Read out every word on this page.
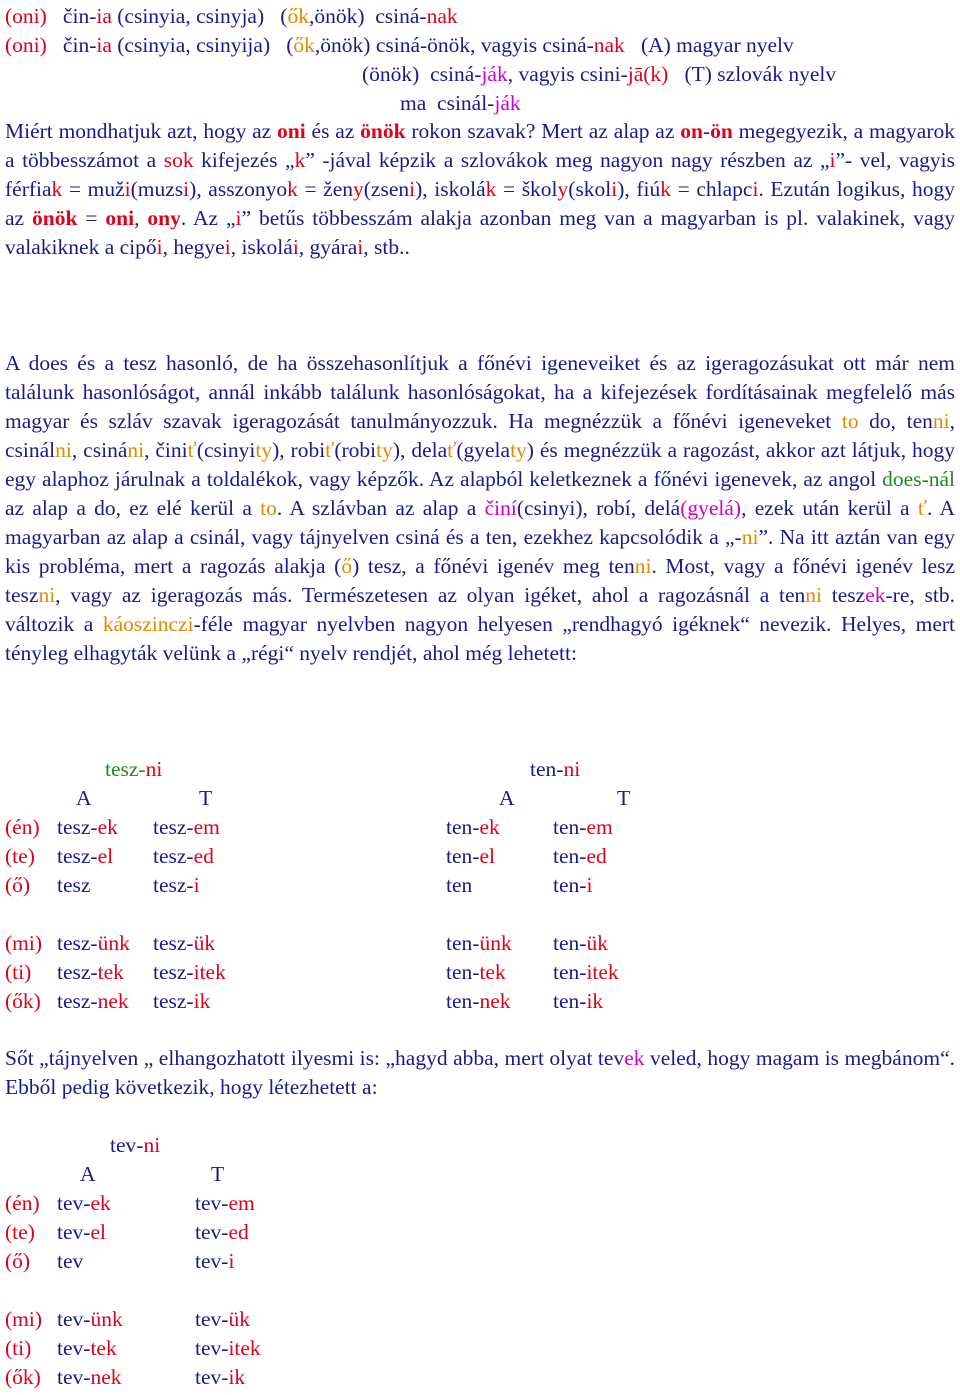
(oni) čin-ia (csinyia, csinyja) (ők,önök) csiná-nak
(oni) čin-ia (csinyia, csinyija) (ők,önök) csiná-önök, vagyis csiná-nak (A) magyar nyelv
(önök) csiná-ják, vagyis csini-jā(k) (T) szlovák nyelv
ma csinál-ják
Miért mondhatjuk azt, hogy az oni és az önök rokon szavak? Mert az alap az on-ön megegyezik, a magyarok a többesszámot a sok kifejezés „k” -jával képzik a szlovákok meg nagyon nagy részben az „i”- vel, vagyis férfiak = muži(muzsi), asszonyok = ženy(zseni), iskolák = školy(skoli), fiúk = chlapci. Ezután logikus, hogy az önök = oni, ony. Az „i” betűs többesszám alakja azonban meg van a magyarban is pl. valakinek, vagy valakiknek a cipői, hegyei, iskolái, gyárai, stb..
A does és a tesz hasonló, de ha összehasonlítjuk a főnévi igeneveiket és az igeragozásukat ott már nem találunk hasonlóságot, annál inkább találunk hasonlóságokat, ha a kifejezések fordításainak megfelelő más magyar és szláv szavak igeragozását tanulmányozzuk. Ha megnézzük a főnévi igeneveket to do, tenni, csinálni, csináni, činiť(csinyity), robiť(robity), delať(gyelaty) és megnézzük a ragozást, akkor azt látjuk, hogy egy alaphoz járulnak a toldalékok, vagy képzők. Az alapból keletkeznek a főnévi igenevek, az angol does-nál az alap a do, ez elé kerül a to. A szlávban az alap a činí(csinyi), robí, delá(gyelá), ezek után kerül a ť. A magyarban az alap a csinál, vagy tájnyelven csiná és a ten, ezekhez kapcsolódik a „-ni”. Na itt aztán van egy kis probléma, mert a ragozás alakja (ő) tesz, a főnévi igenév meg tenni. Most, vagy a főnévi igenév lesz teszni, vagy az igeragozás más. Természetesen az olyan igéket, ahol a ragozásnál a tenni teszek-re, stb. változik a káoszinczi-féle magyar nyelvben nagyon helyesen „rendhagyó igéknek“ nevezik. Helyes, mert tényleg elhagyták velünk a „régi“ nyelv rendjét, ahol még lehetett:
tesz-ni	ten-ni
A	T	A	T
(én) tesz-ek tesz-em	ten-ek ten-em
(te) tesz-el tesz-ed	ten-el	ten-ed
(ő) tesz	tesz-i	ten	ten-i
(mi) tesz-ünk tesz-ük	ten-ünk ten-ük
(ti) tesz-tek tesz-itek	ten-tek ten-itek
(ők) tesz-nek tesz-ik	ten-nek ten-ik
Sőt „tájnyelven „ elhangozhatott ilyesmi is: „hagyd abba, mert olyat tevek veled, hogy magam is megbánom“. Ebből pedig következik, hogy létezhetett a:
tev-ni
A	T
(én) tev-ek	tev-em
(te) tev-el	tev-ed
(ő) tev	tev-i
(mi) tev-ünk	tev-ük
(ti) tev-tek	tev-itek
(ők) tev-nek	tev-ik
